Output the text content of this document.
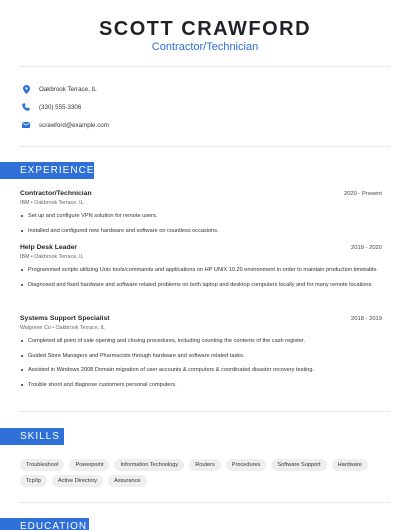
SCOTT CRAWFORD
Contractor/Technician
Oakbrook Terrace, IL
(330) 555-3306
scrawford@example.com
EXPERIENCE
Contractor/Technician	2020 - Present
IBM • Oakbrook Terrace, IL
Set up and configure VPN solution for remote users.
Installed and configured new hardware and software on countless occasions.
Help Desk Leader	2019 - 2020
IBM • Oakbrook Terrace, IL
Programmed scripts utilizing Unix tools/commands and applications on HP UNIX 10.20 environment in order to maintain production timetable.
Diagnosed and fixed hardware and software related problems on both laptop and desktop computers locally and for many remote locations.
Systems Support Specialist	2018 - 2019
Walgreen Co • Oakbrook Terrace, IL
Completed all point of sale opening and closing procedures, including counting the contents of the cash register.
Guided Store Managers and Pharmacists through hardware and software related tasks.
Assisted in Windows 2008 Domain migration of user accounts & computers & coordinated disaster recovery testing.
Trouble shoot and diagnose customers personal computers.
SKILLS
Troubleshoot	Powerpoint	Information Technology	Routers	Procedures	Software Support	Hardware
Tcp/Ip	Active Directory	Assurance
EDUCATION
